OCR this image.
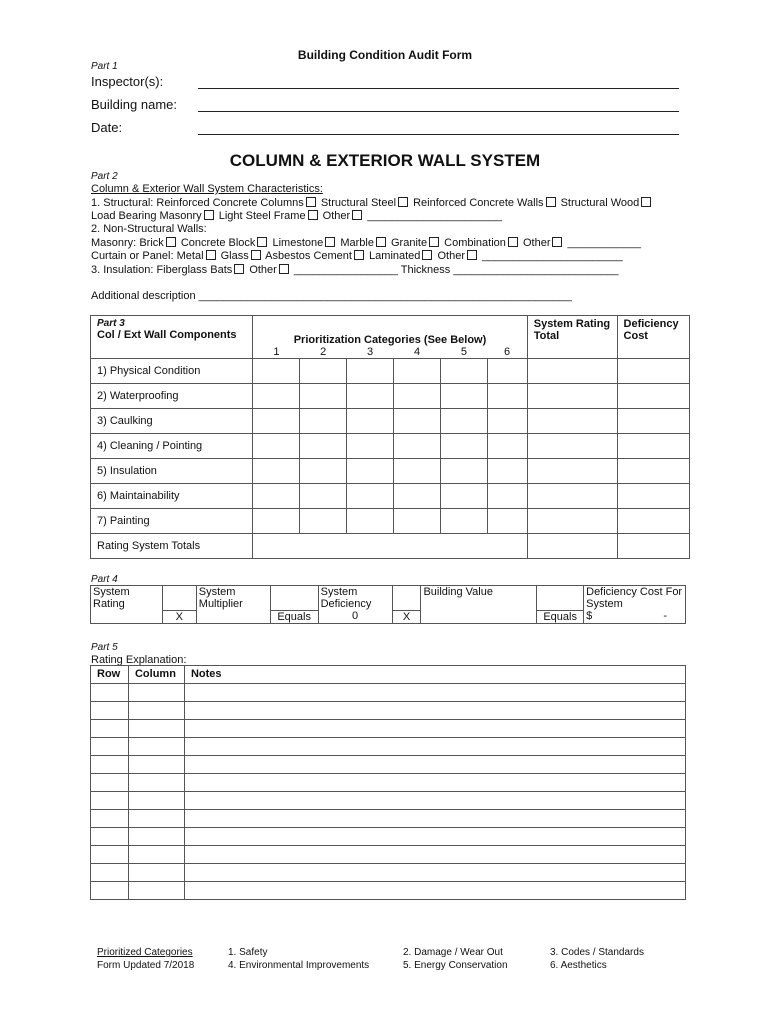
Building Condition Audit Form
Part 1
Inspector(s):
Building name:
Date:
COLUMN & EXTERIOR WALL SYSTEM
Part 2
Column & Exterior Wall System Characteristics:
1. Structural: Reinforced Concrete Columns Structural Steel Reinforced Concrete Walls Structural Wood
Load Bearing Masonry Light Steel Frame Other ______________________
2. Non-Structural Walls:
Masonry: Brick Concrete Block Limestone Marble Granite Combination Other ____________
Curtain or Panel: Metal Glass Asbestos Cement Laminated Other _______________________
3. Insulation: Fiberglass Bats Other _________________ Thickness ___________________________
Additional description _____________________________________________________________
Part 3
Col / Ext Wall Components	Prioritization Categories (See Below)						System Rating Total	Deficiency Cost
	1	2	3	4	5	6		
1) Physical Condition								
2) Waterproofing								
3) Caulking								
4) Cleaning / Pointing								
5) Insulation								
6) Maintainability								
7) Painting								
Rating System Totals								
Part 4
System Rating		System Multiplier		System Deficiency		Building Value		Deficiency Cost For System
	X		Equals	0	X		Equals	$ -
Part 5
Rating Explanation:
Row	Column	Notes

Prioritized Categories
Form Updated 7/2018
1. Safety
4. Environmental Improvements
2. Damage / Wear Out
5. Energy Conservation
3. Codes / Standards
6. Aesthetics
